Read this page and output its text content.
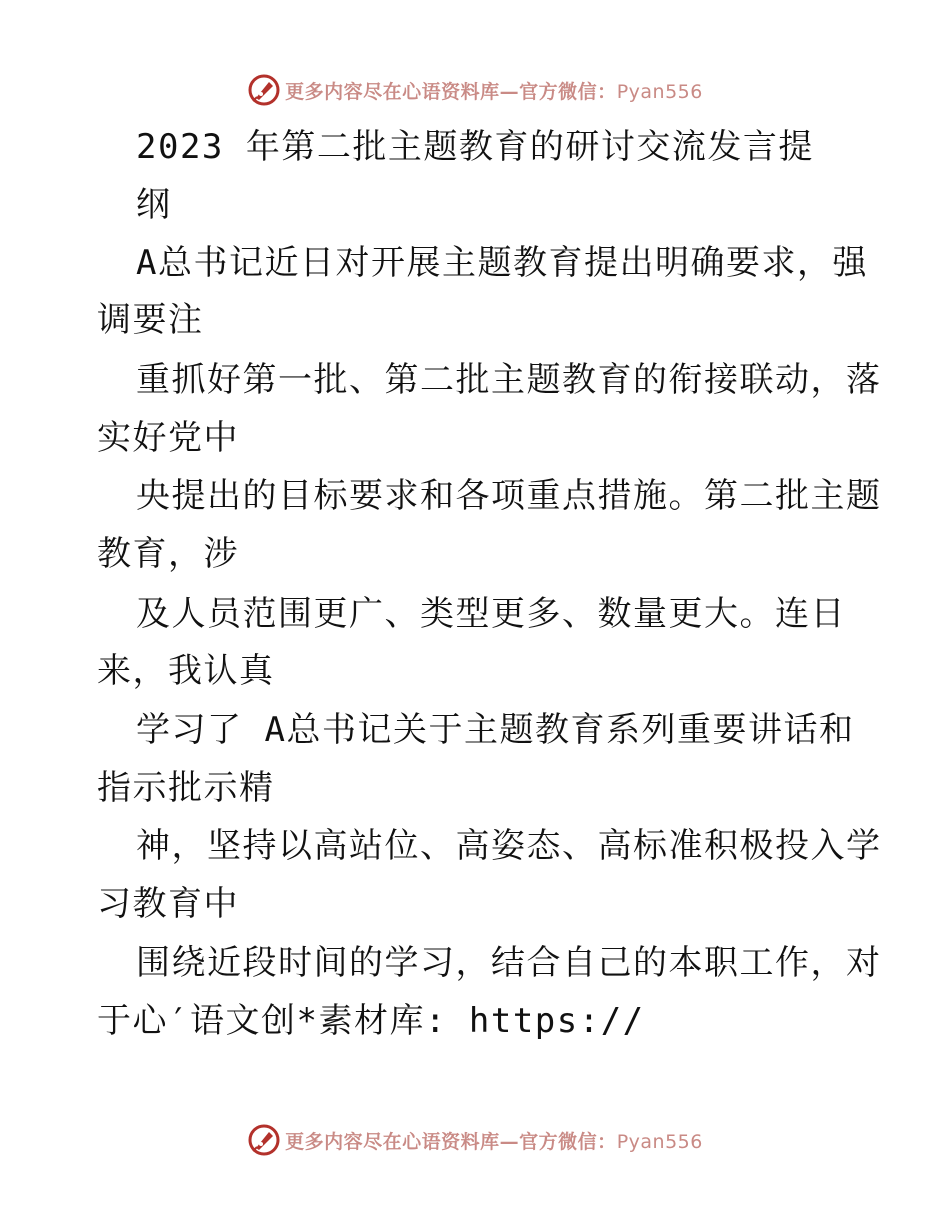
更多内容尽在心语资料库—官方微信：Pyan556
2023 年第二批主题教育的研讨交流发言提
纲
A总书记近日对开展主题教育提出明确要求，强
调要注
重抓好第一批、第二批主题教育的衔接联动，落
实好党中
央提出的目标要求和各项重点措施。第二批主题
教育，涉
及人员范围更广、类型更多、数量更大。连日
来，我认真
学习了 A总书记关于主题教育系列重要讲话和
指示批示精
神，坚持以高站位、高姿态、高标准积极投入学
习教育中
围绕近段时间的学习，结合自己的本职工作，对
于心′语文创*素材库: https://
更多内容尽在心语资料库—官方微信：Pyan556
